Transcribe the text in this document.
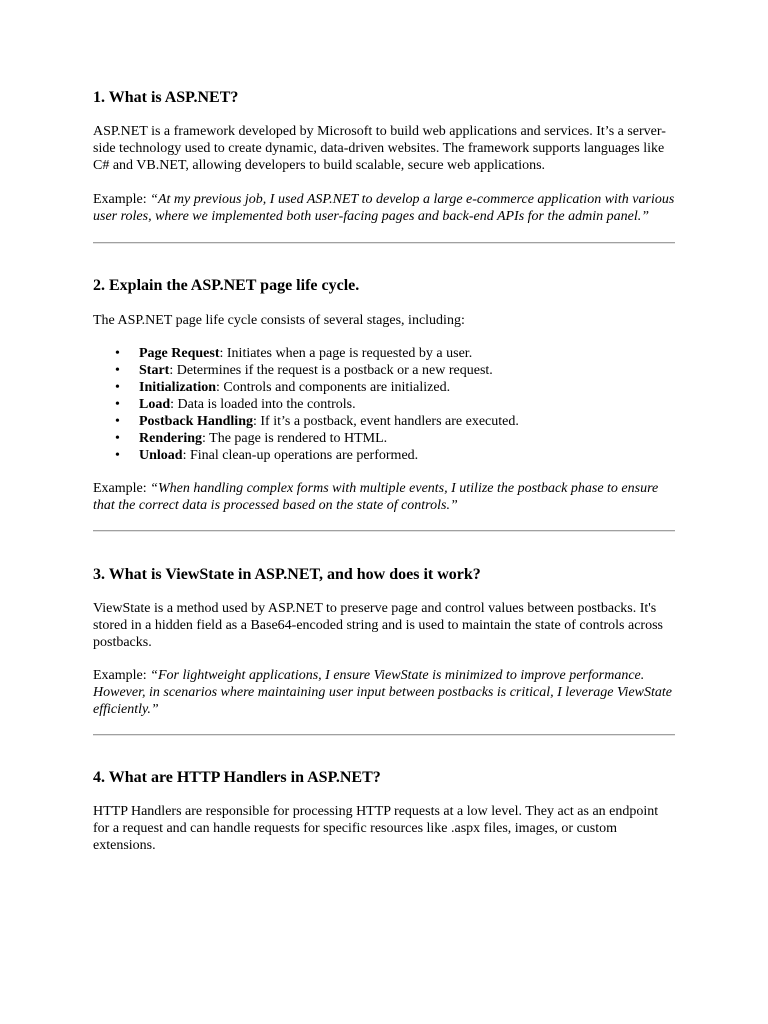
1. What is ASP.NET?

ASP.NET is a framework developed by Microsoft to build web applications and services. It’s a server-side technology used to create dynamic, data-driven websites. The framework supports languages like C# and VB.NET, allowing developers to build scalable, secure web applications.

Example: “At my previous job, I used ASP.NET to develop a large e-commerce application with various user roles, where we implemented both user-facing pages and back-end APIs for the admin panel.”

2. Explain the ASP.NET page life cycle.

The ASP.NET page life cycle consists of several stages, including:

• Page Request: Initiates when a page is requested by a user.
• Start: Determines if the request is a postback or a new request.
• Initialization: Controls and components are initialized.
• Load: Data is loaded into the controls.
• Postback Handling: If it’s a postback, event handlers are executed.
• Rendering: The page is rendered to HTML.
• Unload: Final clean-up operations are performed.

Example: “When handling complex forms with multiple events, I utilize the postback phase to ensure that the correct data is processed based on the state of controls.”

3. What is ViewState in ASP.NET, and how does it work?

ViewState is a method used by ASP.NET to preserve page and control values between postbacks. It's stored in a hidden field as a Base64-encoded string and is used to maintain the state of controls across postbacks.

Example: “For lightweight applications, I ensure ViewState is minimized to improve performance. However, in scenarios where maintaining user input between postbacks is critical, I leverage ViewState efficiently.”

4. What are HTTP Handlers in ASP.NET?

HTTP Handlers are responsible for processing HTTP requests at a low level. They act as an endpoint for a request and can handle requests for specific resources like .aspx files, images, or custom extensions.
